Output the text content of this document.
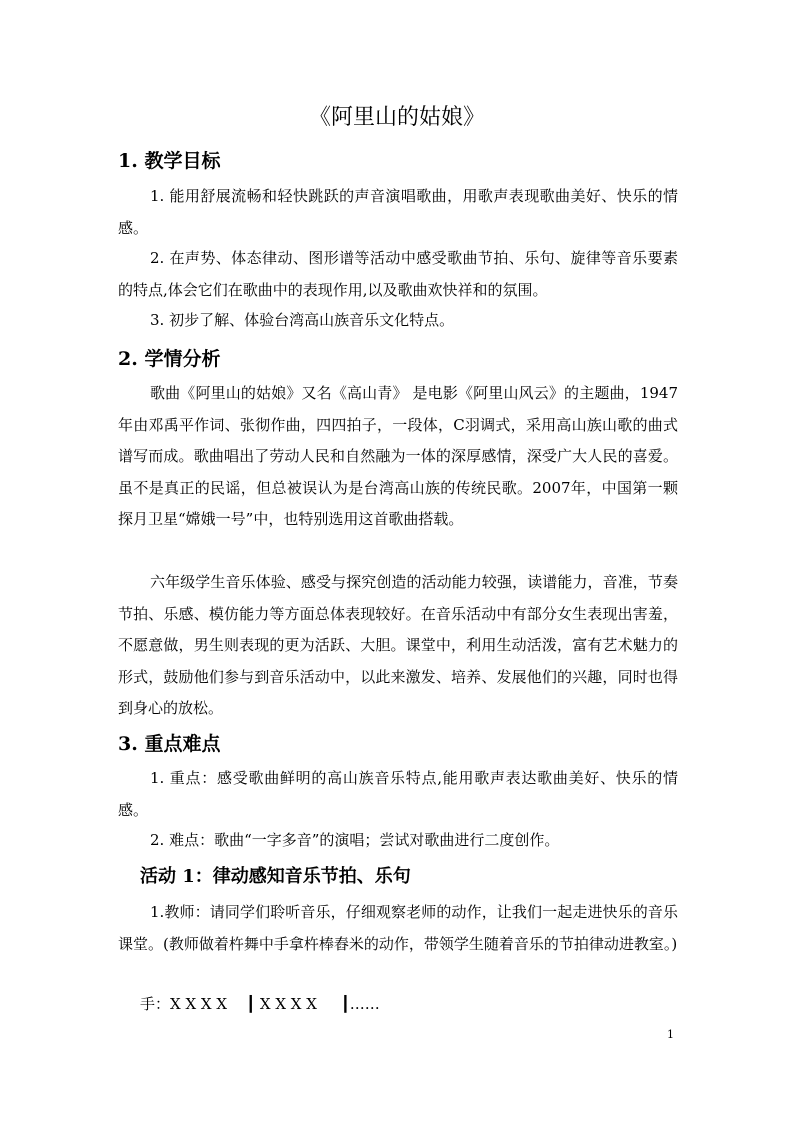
《阿里山的姑娘》
1. 教学目标
1. 能用舒展流畅和轻快跳跃的声音演唱歌曲，用歌声表现歌曲美好、快乐的情感。
2. 在声势、体态律动、图形谱等活动中感受歌曲节拍、乐句、旋律等音乐要素的特点,体会它们在歌曲中的表现作用,以及歌曲欢快祥和的氛围。
3. 初步了解、体验台湾高山族音乐文化特点。
2. 学情分析
歌曲《阿里山的姑娘》又名《高山青》 是电影《阿里山风云》的主题曲，1947年由邓禹平作词、张彻作曲，四四拍子，一段体，C羽调式，采用高山族山歌的曲式谱写而成。歌曲唱出了劳动人民和自然融为一体的深厚感情，深受广大人民的喜爱。虽不是真正的民谣，但总被误认为是台湾高山族的传统民歌。2007年，中国第一颗探月卫星“嫦娥一号”中，也特别选用这首歌曲搭载。
六年级学生音乐体验、感受与探究创造的活动能力较强，读谱能力，音准，节奏节拍、乐感、模仿能力等方面总体表现较好。在音乐活动中有部分女生表现出害羞，不愿意做，男生则表现的更为活跃、大胆。课堂中，利用生动活泼，富有艺术魅力的形式，鼓励他们参与到音乐活动中，以此来激发、培养、发展他们的兴趣，同时也得到身心的放松。
3. 重点难点
1. 重点：感受歌曲鲜明的高山族音乐特点,能用歌声表达歌曲美好、快乐的情感。
2. 难点：歌曲“一字多音”的演唱；尝试对歌曲进行二度创作。
活动 1：律动感知音乐节拍、乐句
1.教师：请同学们聆听音乐，仔细观察老师的动作，让我们一起走进快乐的音乐课堂。(教师做着杵舞中手拿杵棒舂米的动作，带领学生随着音乐的节拍律动进教室。)
手：X X X X    ┃ X X X X     ┃……
1
